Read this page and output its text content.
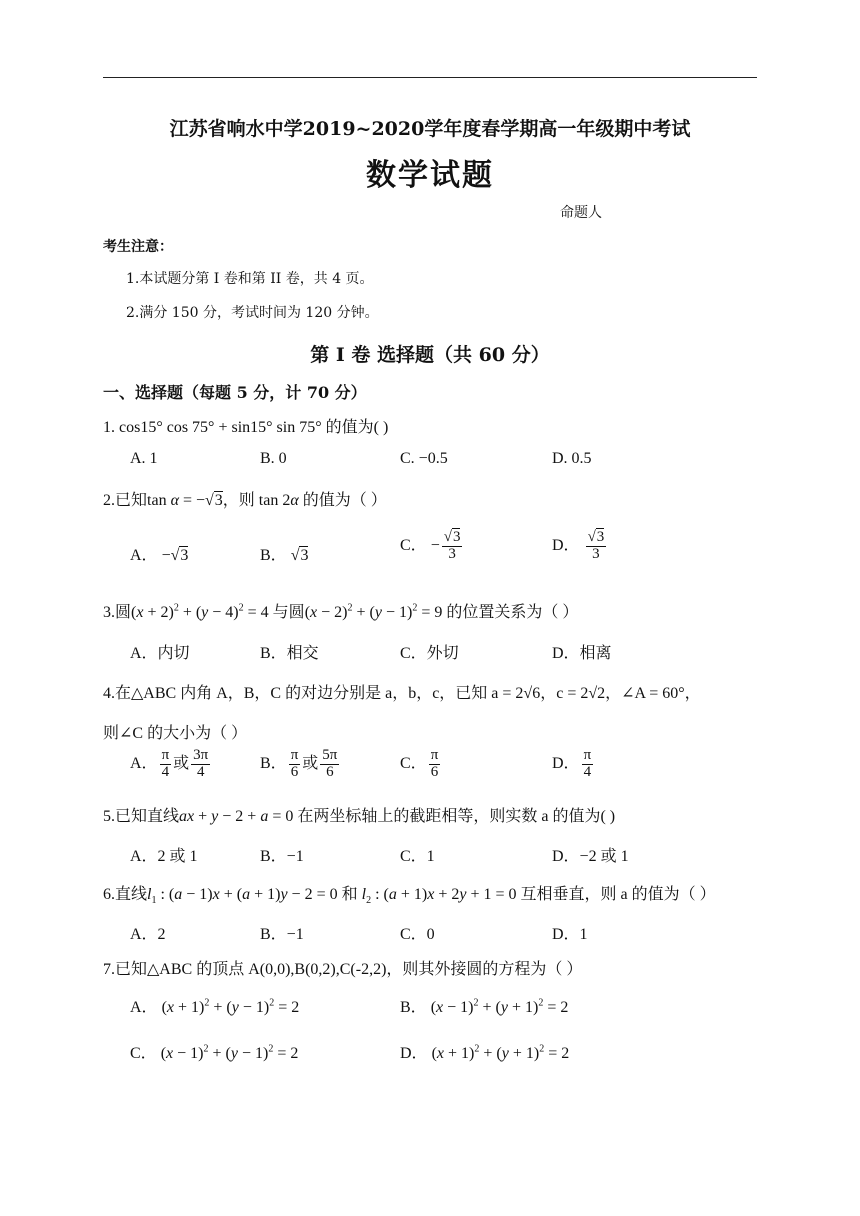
江苏省响水中学2019~2020学年度春学期高一年级期中考试
数学试题
命题人
考生注意：
1.本试题分第 I 卷和第 II 卷，共 4 页。
2.满分 150 分，考试时间为 120 分钟。
第 I 卷 选择题（共 60 分）
一、选择题（每题 5 分，计 70 分）
1. cos15° cos 75° + sin15° sin 75° 的值为( )
A. 1	B. 0	C. −0.5	D. 0.5
2.已知tan α = −√3，则 tan 2α 的值为（ ）
A． −√3	B． √3
C． − $\frac{√3}{3}$	D． $\frac{√3}{3}$
3.圆$(x + 2)^2 + (y - 4)^2 = 4$ 与圆$(x - 2)^2 + (y - 1)^2 = 9$ 的位置关系为（ ）
A．内切	B．相交	C．外切	D．相离
4.在△ABC 内角 A，B，C 的对边分别是 a，b，c，已知 a = 2√6，c = 2√2，∠A = 60°，
则∠C 的大小为（ ）
A． $\frac{\pi}{4}$ 或 $\frac{3\pi}{4}$	B． $\frac{\pi}{6}$ 或 $\frac{5\pi}{6}$	C． $\frac{\pi}{6}$	D． $\frac{\pi}{4}$
5.已知直线ax + y − 2 + a = 0 在两坐标轴上的截距相等，则实数 a 的值为( )
A．2 或 1	B．−1	C．1	D．−2 或 1
6.直线$l_1$ : (a − 1)x + (a + 1)y − 2 = 0 和 $l_2$ : (a + 1)x + 2y + 1 = 0 互相垂直，则 a 的值为（ ）
A．2	B．−1	C．0	D．1
7.已知△ABC 的顶点 A(0,0),B(0,2),C(-2,2)，则其外接圆的方程为（ ）
A． $(x + 1)^2 + (y - 1)^2 = 2$	B． $(x - 1)^2 + (y + 1)^2 = 2$
C． $(x - 1)^2 + (y - 1)^2 = 2$	D． $(x + 1)^2 + (y + 1)^2 = 2$
